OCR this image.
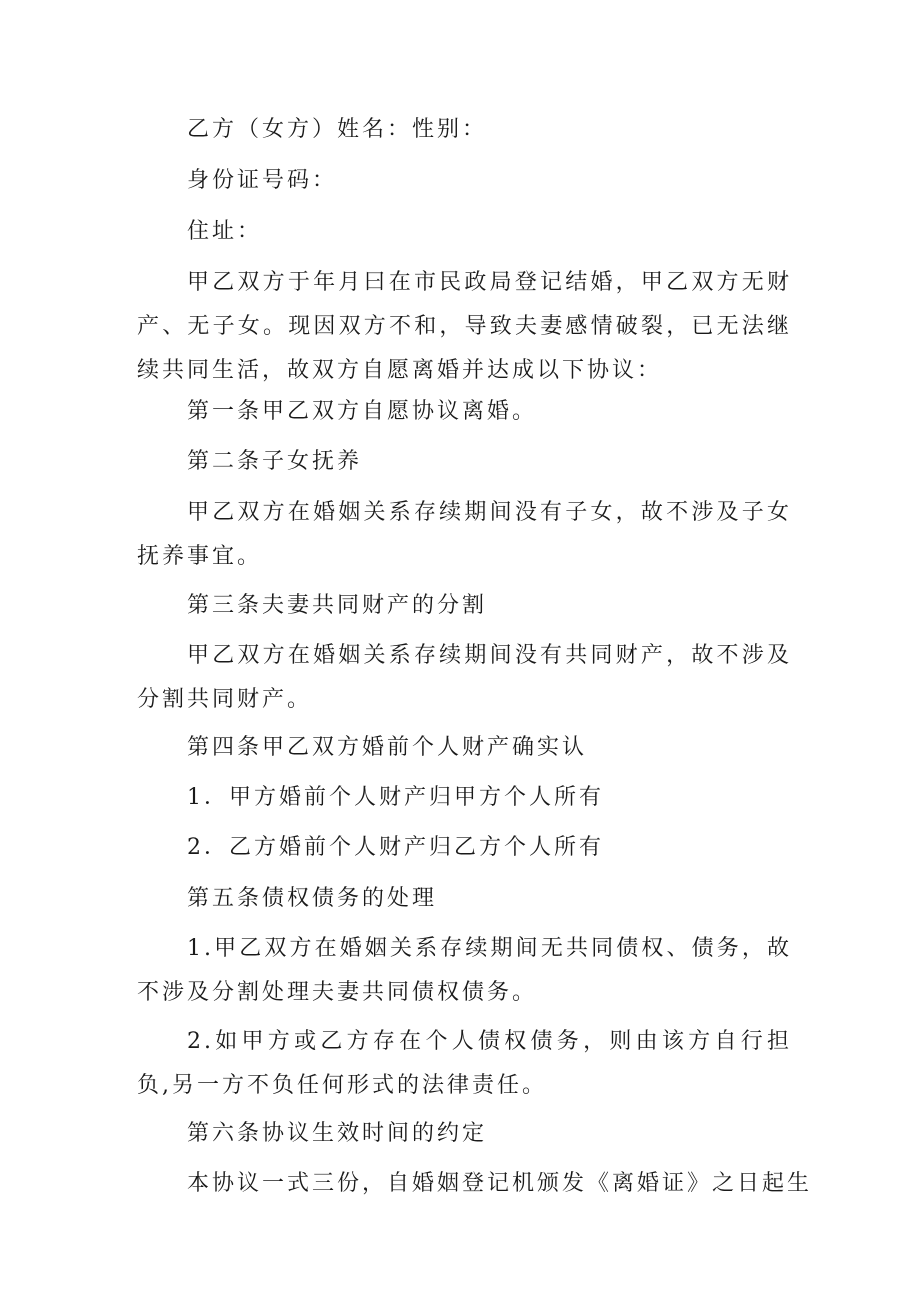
乙方（女方）姓名：性别：

身份证号码：

住址：

甲乙双方于年月曰在市民政局登记结婚，甲乙双方无财产、无子女。现因双方不和，导致夫妻感情破裂，已无法继续共同生活，故双方自愿离婚并达成以下协议：

第一条甲乙双方自愿协议离婚。

第二条子女抚养

甲乙双方在婚姻关系存续期间没有子女，故不涉及子女抚养事宜。

第三条夫妻共同财产的分割

甲乙双方在婚姻关系存续期间没有共同财产，故不涉及分割共同财产。

第四条甲乙双方婚前个人财产确实认

1．甲方婚前个人财产归甲方个人所有

2．乙方婚前个人财产归乙方个人所有

第五条债权债务的处理

1.甲乙双方在婚姻关系存续期间无共同债权、债务，故不涉及分割处理夫妻共同债权债务。

2.如甲方或乙方存在个人债权债务，则由该方自行担负,另一方不负任何形式的法律责任。

第六条协议生效时间的约定

本协议一式三份，自婚姻登记机颁发《离婚证》之日起生
